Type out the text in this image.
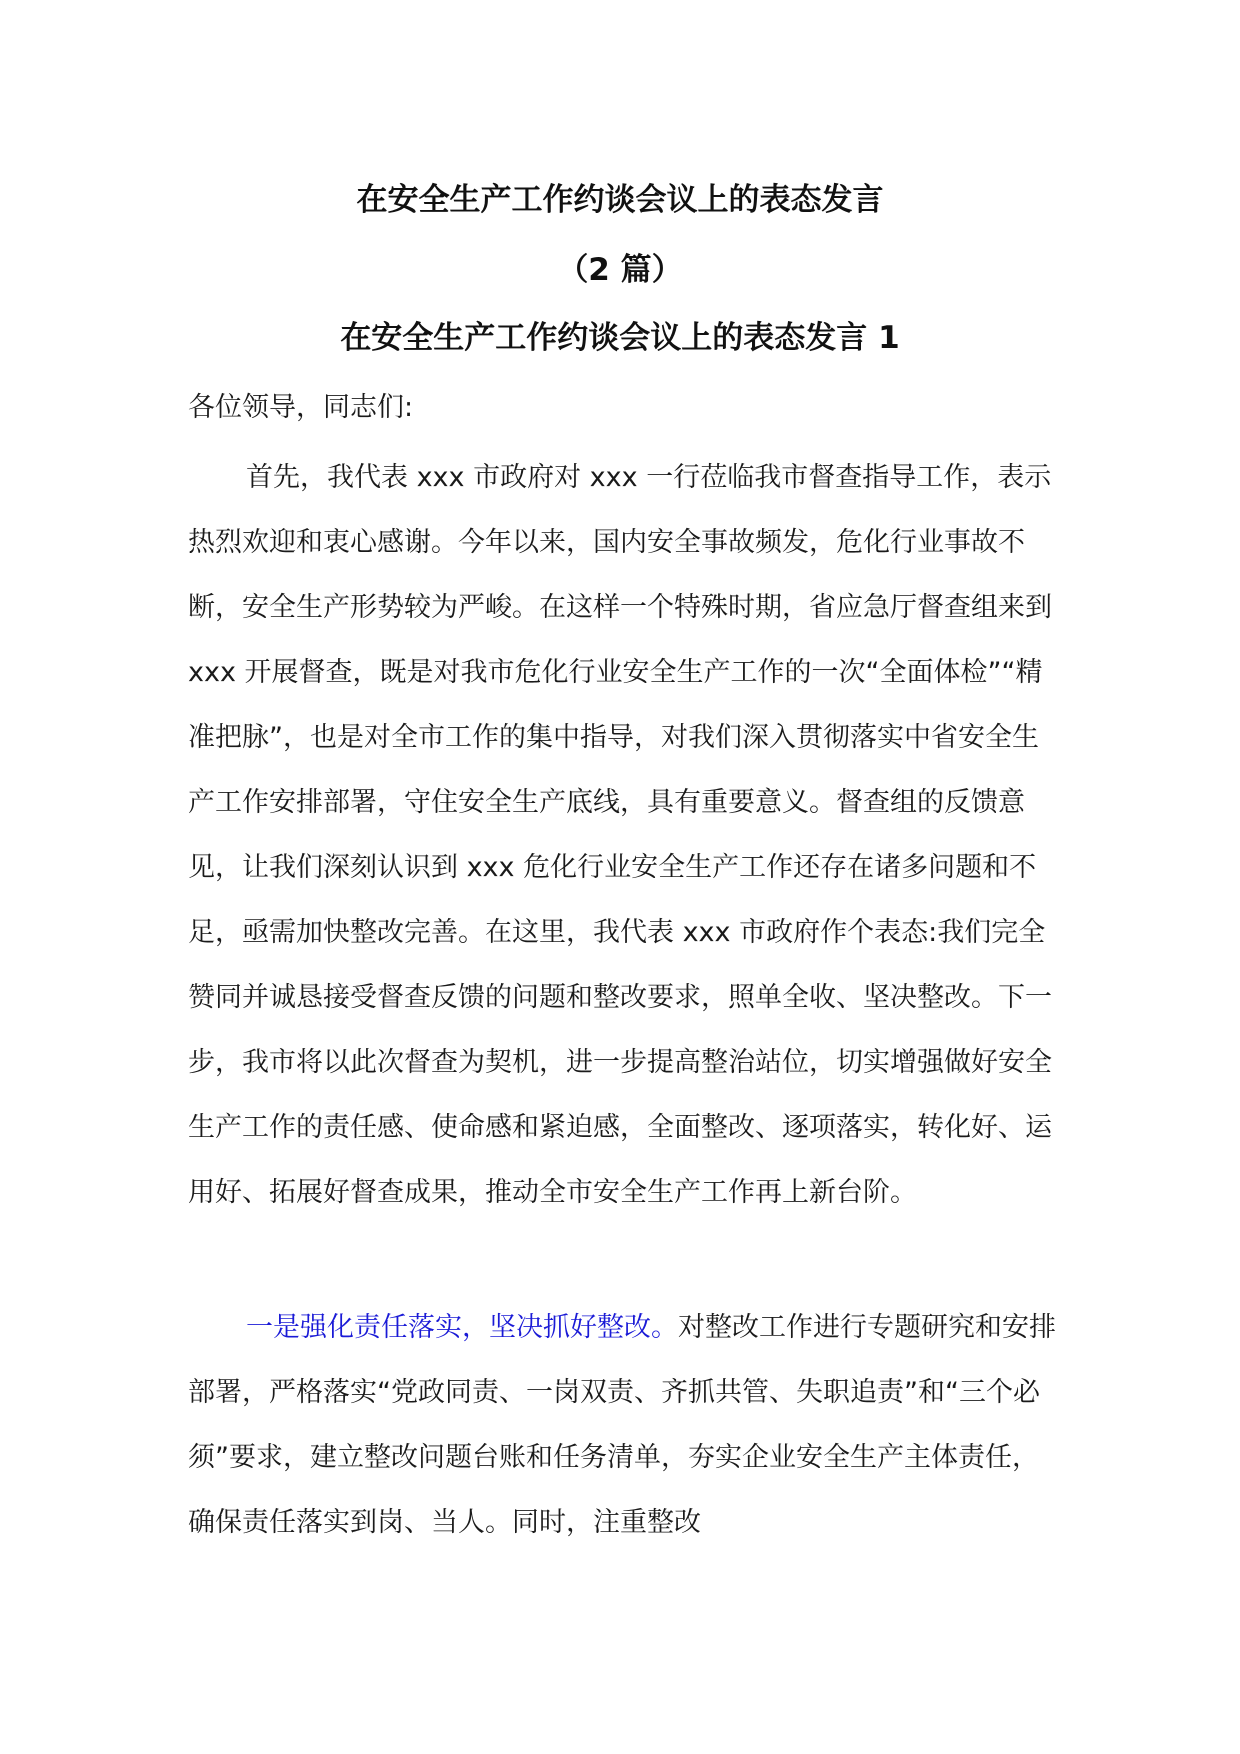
在安全生产工作约谈会议上的表态发言
（2 篇）
在安全生产工作约谈会议上的表态发言 1
各位领导，同志们:
首先，我代表 xxx 市政府对 xxx 一行莅临我市督查指导工作，表示热烈欢迎和衷心感谢。今年以来，国内安全事故频发，危化行业事故不断，安全生产形势较为严峻。在这样一个特殊时期，省应急厅督查组来到 xxx 开展督查，既是对我市危化行业安全生产工作的一次“全面体检”“精准把脉”，也是对全市工作的集中指导，对我们深入贯彻落实中省安全生产工作安排部署，守住安全生产底线，具有重要意义。督查组的反馈意见，让我们深刻认识到 xxx 危化行业安全生产工作还存在诸多问题和不足，亟需加快整改完善。在这里，我代表 xxx 市政府作个表态:我们完全赞同并诚恳接受督查反馈的问题和整改要求，照单全收、坚决整改。下一步，我市将以此次督查为契机，进一步提高整治站位，切实增强做好安全生产工作的责任感、使命感和紧迫感，全面整改、逐项落实，转化好、运用好、拓展好督查成果，推动全市安全生产工作再上新台阶。
一是强化责任落实，坚决抓好整改。对整改工作进行专题研究和安排部署，严格落实“党政同责、一岗双责、齐抓共管、失职追责”和“三个必须”要求，建立整改问题台账和任务清单，夯实企业安全生产主体责任，确保责任落实到岗、当人。同时，注重整改
